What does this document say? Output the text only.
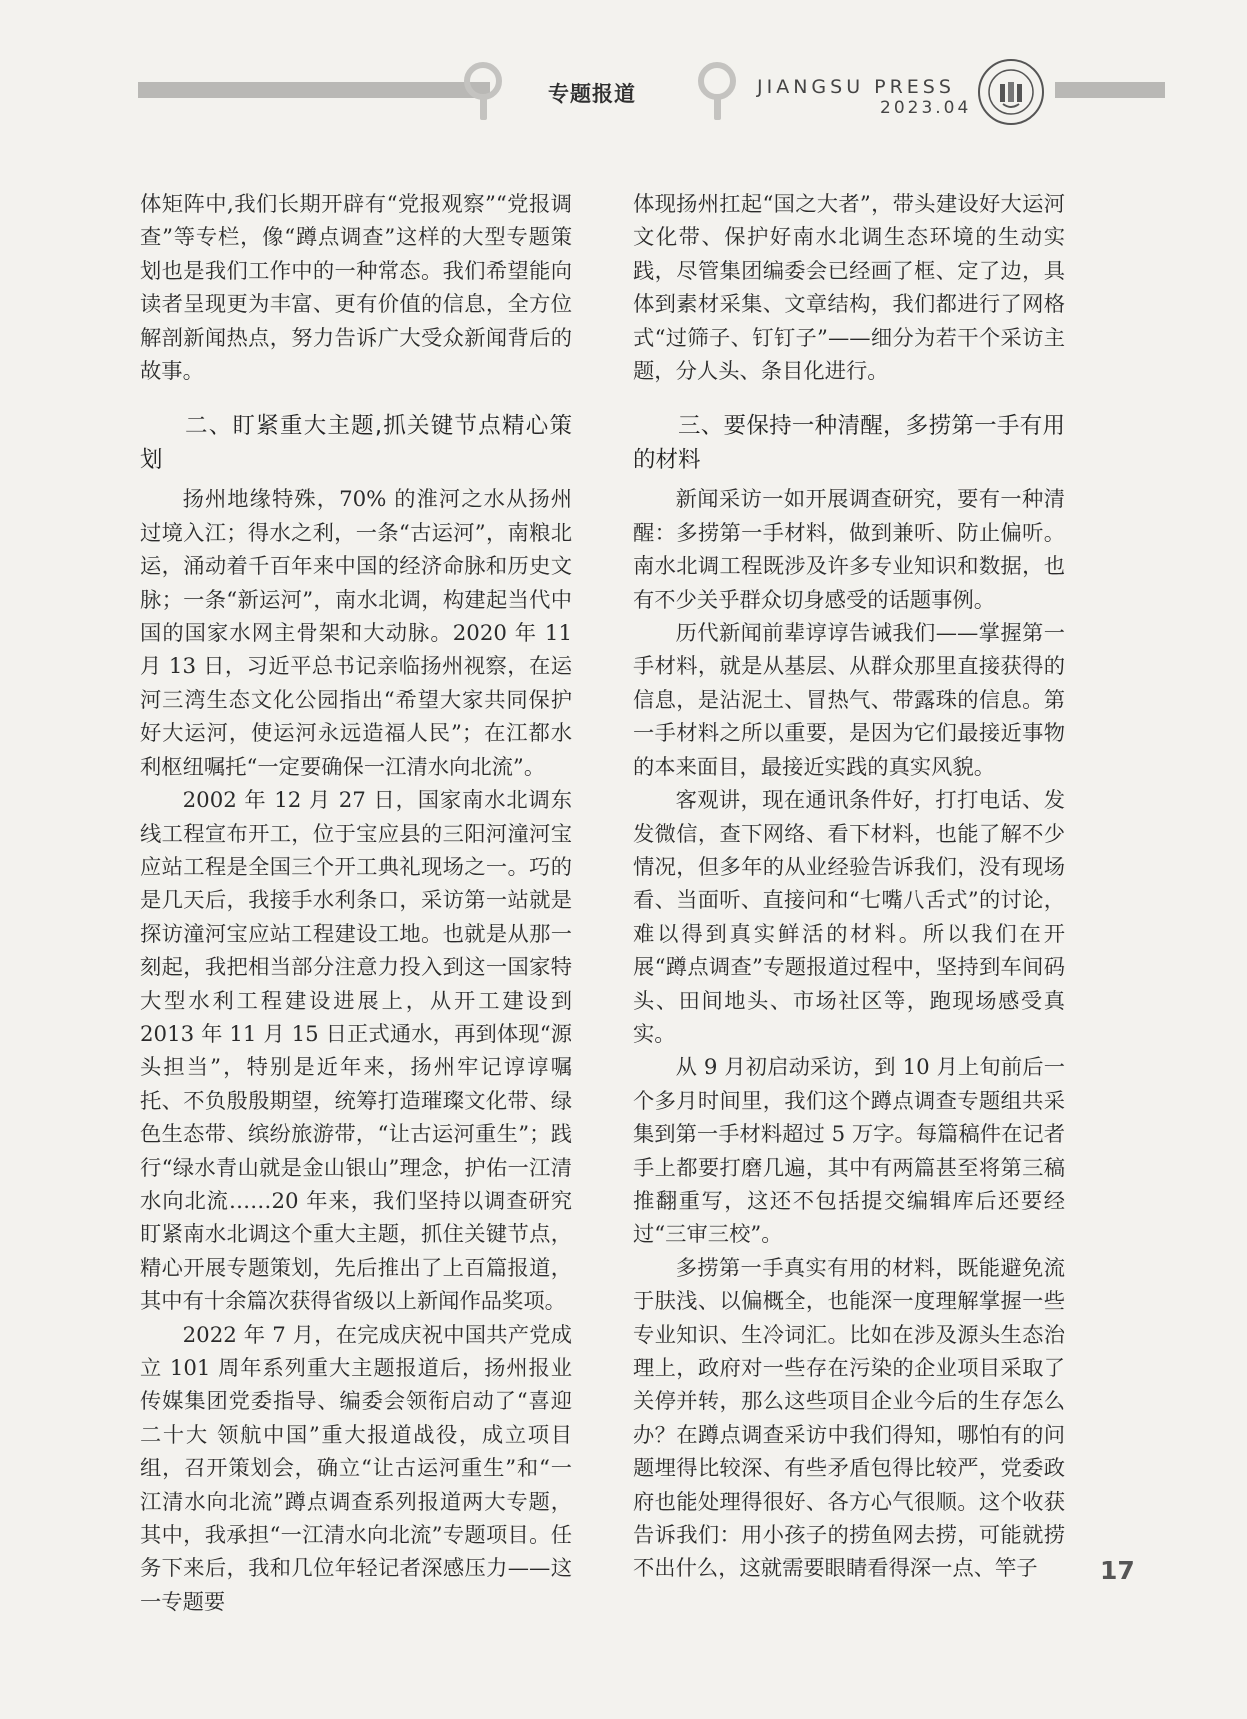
专题报道	JIANGSU PRESS
2023.04

体矩阵中,我们长期开辟有“党报观察”“党报调查”等专栏，像“蹲点调查”这样的大型专题策划也是我们工作中的一种常态。我们希望能向读者呈现更为丰富、更有价值的信息，全方位解剖新闻热点，努力告诉广大受众新闻背后的故事。

二、盯紧重大主题,抓关键节点精心策划

扬州地缘特殊，70% 的淮河之水从扬州过境入江；得水之利，一条“古运河”，南粮北运，涌动着千百年来中国的经济命脉和历史文脉；一条“新运河”，南水北调，构建起当代中国的国家水网主骨架和大动脉。2020 年 11 月 13 日，习近平总书记亲临扬州视察，在运河三湾生态文化公园指出“希望大家共同保护好大运河，使运河永远造福人民”；在江都水利枢纽嘱托“一定要确保一江清水向北流”。

2002 年 12 月 27 日，国家南水北调东线工程宣布开工，位于宝应县的三阳河潼河宝应站工程是全国三个开工典礼现场之一。巧的是几天后，我接手水利条口，采访第一站就是探访潼河宝应站工程建设工地。也就是从那一刻起，我把相当部分注意力投入到这一国家特大型水利工程建设进展上，从开工建设到 2013 年 11 月 15 日正式通水，再到体现“源头担当”，特别是近年来，扬州牢记谆谆嘱托、不负殷殷期望，统筹打造璀璨文化带、绿色生态带、缤纷旅游带，“让古运河重生”；践行“绿水青山就是金山银山”理念，护佑一江清水向北流……20 年来，我们坚持以调查研究盯紧南水北调这个重大主题，抓住关键节点，精心开展专题策划，先后推出了上百篇报道，其中有十余篇次获得省级以上新闻作品奖项。

2022 年 7 月，在完成庆祝中国共产党成立 101 周年系列重大主题报道后，扬州报业传媒集团党委指导、编委会领衔启动了“喜迎二十大 领航中国”重大报道战役，成立项目组，召开策划会，确立“让古运河重生”和“一江清水向北流”蹲点调查系列报道两大专题，其中，我承担“一江清水向北流”专题项目。任务下来后，我和几位年轻记者深感压力——这一专题要

体现扬州扛起“国之大者”，带头建设好大运河文化带、保护好南水北调生态环境的生动实践，尽管集团编委会已经画了框、定了边，具体到素材采集、文章结构，我们都进行了网格式“过筛子、钉钉子”——细分为若干个采访主题，分人头、条目化进行。

三、要保持一种清醒，多捞第一手有用的材料

新闻采访一如开展调查研究，要有一种清醒：多捞第一手材料，做到兼听、防止偏听。南水北调工程既涉及许多专业知识和数据，也有不少关乎群众切身感受的话题事例。

历代新闻前辈谆谆告诫我们——掌握第一手材料，就是从基层、从群众那里直接获得的信息，是沾泥土、冒热气、带露珠的信息。第一手材料之所以重要，是因为它们最接近事物的本来面目，最接近实践的真实风貌。

客观讲，现在通讯条件好，打打电话、发发微信，查下网络、看下材料，也能了解不少情况，但多年的从业经验告诉我们，没有现场看、当面听、直接问和“七嘴八舌式”的讨论，难以得到真实鲜活的材料。所以我们在开展“蹲点调查”专题报道过程中，坚持到车间码头、田间地头、市场社区等，跑现场感受真实。

从 9 月初启动采访，到 10 月上旬前后一个多月时间里，我们这个蹲点调查专题组共采集到第一手材料超过 5 万字。每篇稿件在记者手上都要打磨几遍，其中有两篇甚至将第三稿推翻重写，这还不包括提交编辑库后还要经过“三审三校”。

多捞第一手真实有用的材料，既能避免流于肤浅、以偏概全，也能深一度理解掌握一些专业知识、生冷词汇。比如在涉及源头生态治理上，政府对一些存在污染的企业项目采取了关停并转，那么这些项目企业今后的生存怎么办？在蹲点调查采访中我们得知，哪怕有的问题埋得比较深、有些矛盾包得比较严，党委政府也能处理得很好、各方心气很顺。这个收获告诉我们：用小孩子的捞鱼网去捞，可能就捞不出什么，这就需要眼睛看得深一点、竿子	17
